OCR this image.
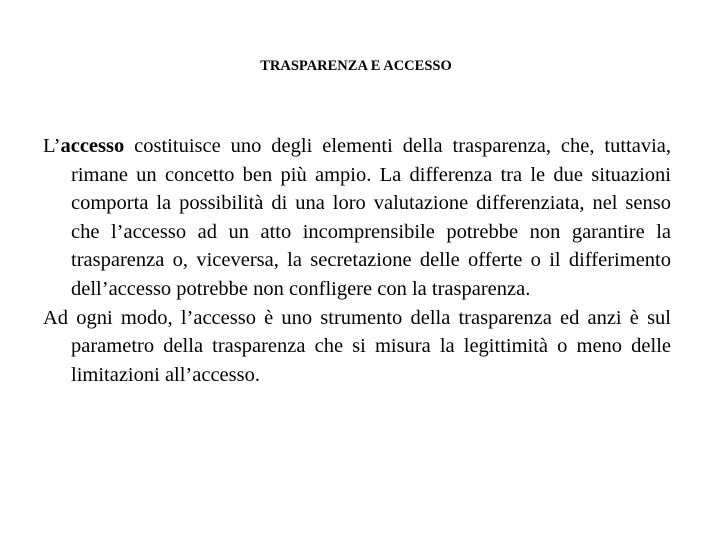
TRASPARENZA E ACCESSO

L’accesso costituisce uno degli elementi della trasparenza, che, tuttavia, rimane un concetto ben più ampio. La differenza tra le due situazioni comporta la possibilità di una loro valutazione differenziata, nel senso che l’accesso ad un atto incomprensibile potrebbe non garantire la trasparenza o, viceversa, la secretazione delle offerte o il differimento dell’accesso potrebbe non confligere con la trasparenza.

Ad ogni modo, l’accesso è uno strumento della trasparenza ed anzi è sul parametro della trasparenza che si misura la legittimità o meno delle limitazioni all’accesso.
